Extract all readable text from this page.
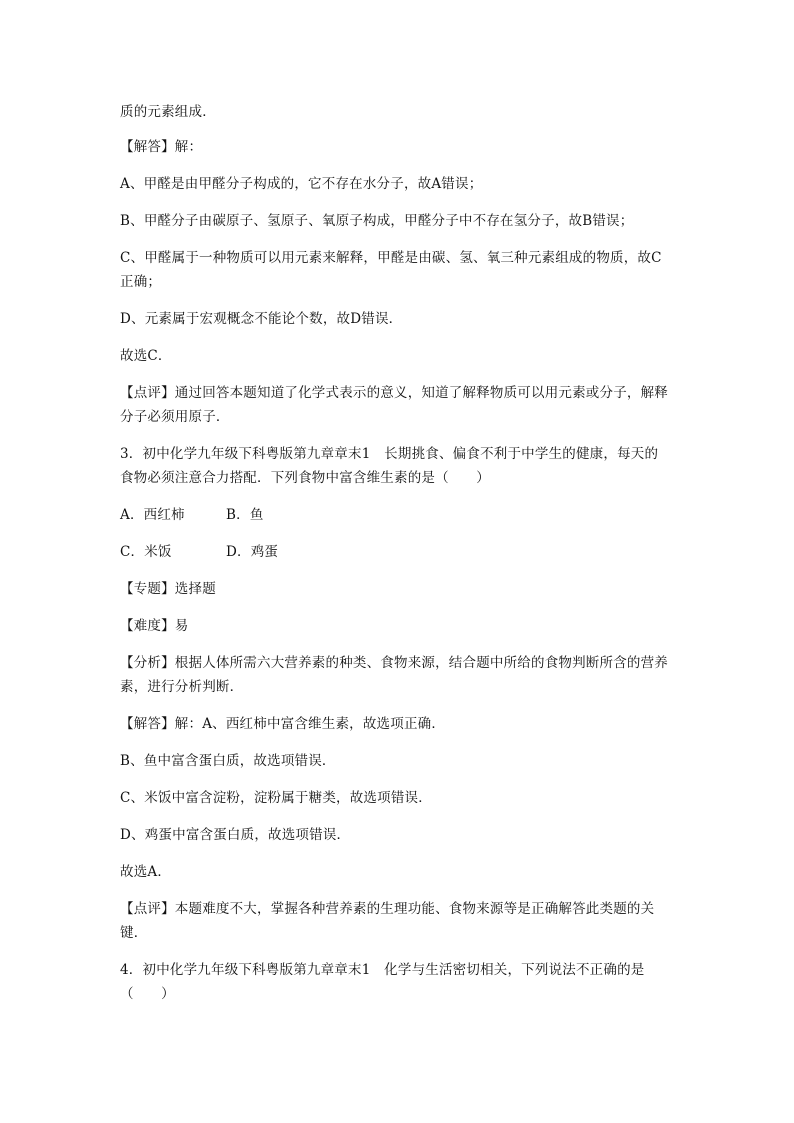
质的元素组成．
【解答】解：
A、甲醛是由甲醛分子构成的，它不存在水分子，故A错误；
B、甲醛分子由碳原子、氢原子、氧原子构成，甲醛分子中不存在氢分子，故B错误；
C、甲醛属于一种物质可以用元素来解释，甲醛是由碳、氢、氧三种元素组成的物质，故C
正确；
D、元素属于宏观概念不能论个数，故D错误．
故选C．
【点评】通过回答本题知道了化学式表示的意义，知道了解释物质可以用元素或分子，解释
分子必须用原子．
3．初中化学九年级下科粤版第九章章末1　长期挑食、偏食不利于中学生的健康，每天的
食物必须注意合力搭配．下列食物中富含维生素的是（　　）
A．西红柿	B．鱼
C．米饭	D．鸡蛋
【专题】选择题
【难度】易
【分析】根据人体所需六大营养素的种类、食物来源，结合题中所给的食物判断所含的营养
素，进行分析判断．
【解答】解：A、西红柿中富含维生素，故选项正确．
B、鱼中富含蛋白质，故选项错误．
C、米饭中富含淀粉，淀粉属于糖类，故选项错误．
D、鸡蛋中富含蛋白质，故选项错误．
故选A．
【点评】本题难度不大，掌握各种营养素的生理功能、食物来源等是正确解答此类题的关
键．
4．初中化学九年级下科粤版第九章章末1　化学与生活密切相关，下列说法不正确的是
（　　）
